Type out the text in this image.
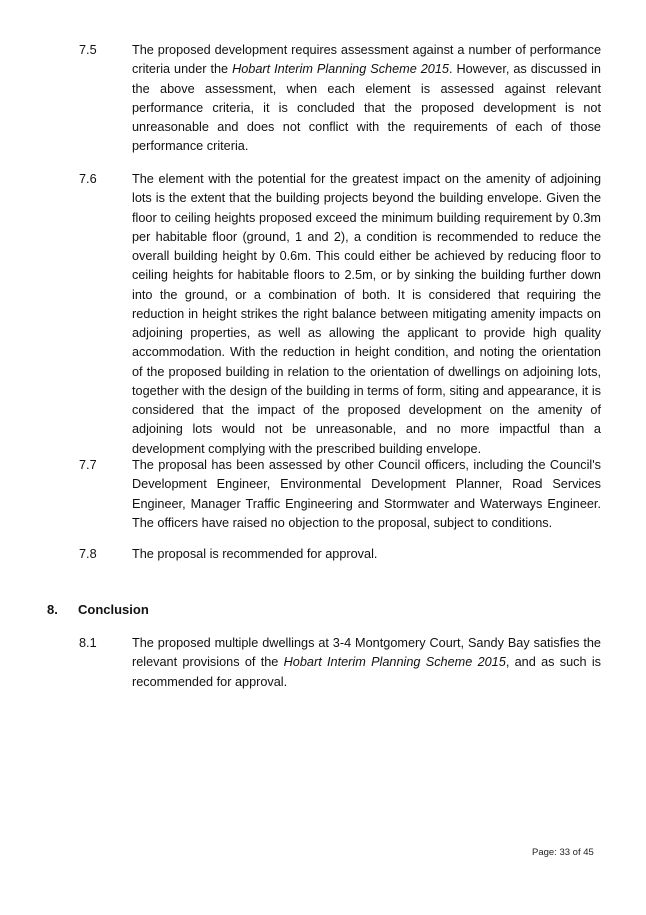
7.5	The proposed development requires assessment against a number of performance criteria under the Hobart Interim Planning Scheme 2015. However, as discussed in the above assessment, when each element is assessed against relevant performance criteria, it is concluded that the proposed development is not unreasonable and does not conflict with the requirements of each of those performance criteria.
7.6	The element with the potential for the greatest impact on the amenity of adjoining lots is the extent that the building projects beyond the building envelope. Given the floor to ceiling heights proposed exceed the minimum building requirement by 0.3m per habitable floor (ground, 1 and 2), a condition is recommended to reduce the overall building height by 0.6m. This could either be achieved by reducing floor to ceiling heights for habitable floors to 2.5m, or by sinking the building further down into the ground, or a combination of both. It is considered that requiring the reduction in height strikes the right balance between mitigating amenity impacts on adjoining properties, as well as allowing the applicant to provide high quality accommodation. With the reduction in height condition, and noting the orientation of the proposed building in relation to the orientation of dwellings on adjoining lots, together with the design of the building in terms of form, siting and appearance, it is considered that the impact of the proposed development on the amenity of adjoining lots would not be unreasonable, and no more impactful than a development complying with the prescribed building envelope.
7.7	The proposal has been assessed by other Council officers, including the Council's Development Engineer, Environmental Development Planner, Road Services Engineer, Manager Traffic Engineering and Stormwater and Waterways Engineer. The officers have raised no objection to the proposal, subject to conditions.
7.8	The proposal is recommended for approval.
8. Conclusion
8.1	The proposed multiple dwellings at 3-4 Montgomery Court, Sandy Bay satisfies the relevant provisions of the Hobart Interim Planning Scheme 2015, and as such is recommended for approval.
Page: 33 of 45
